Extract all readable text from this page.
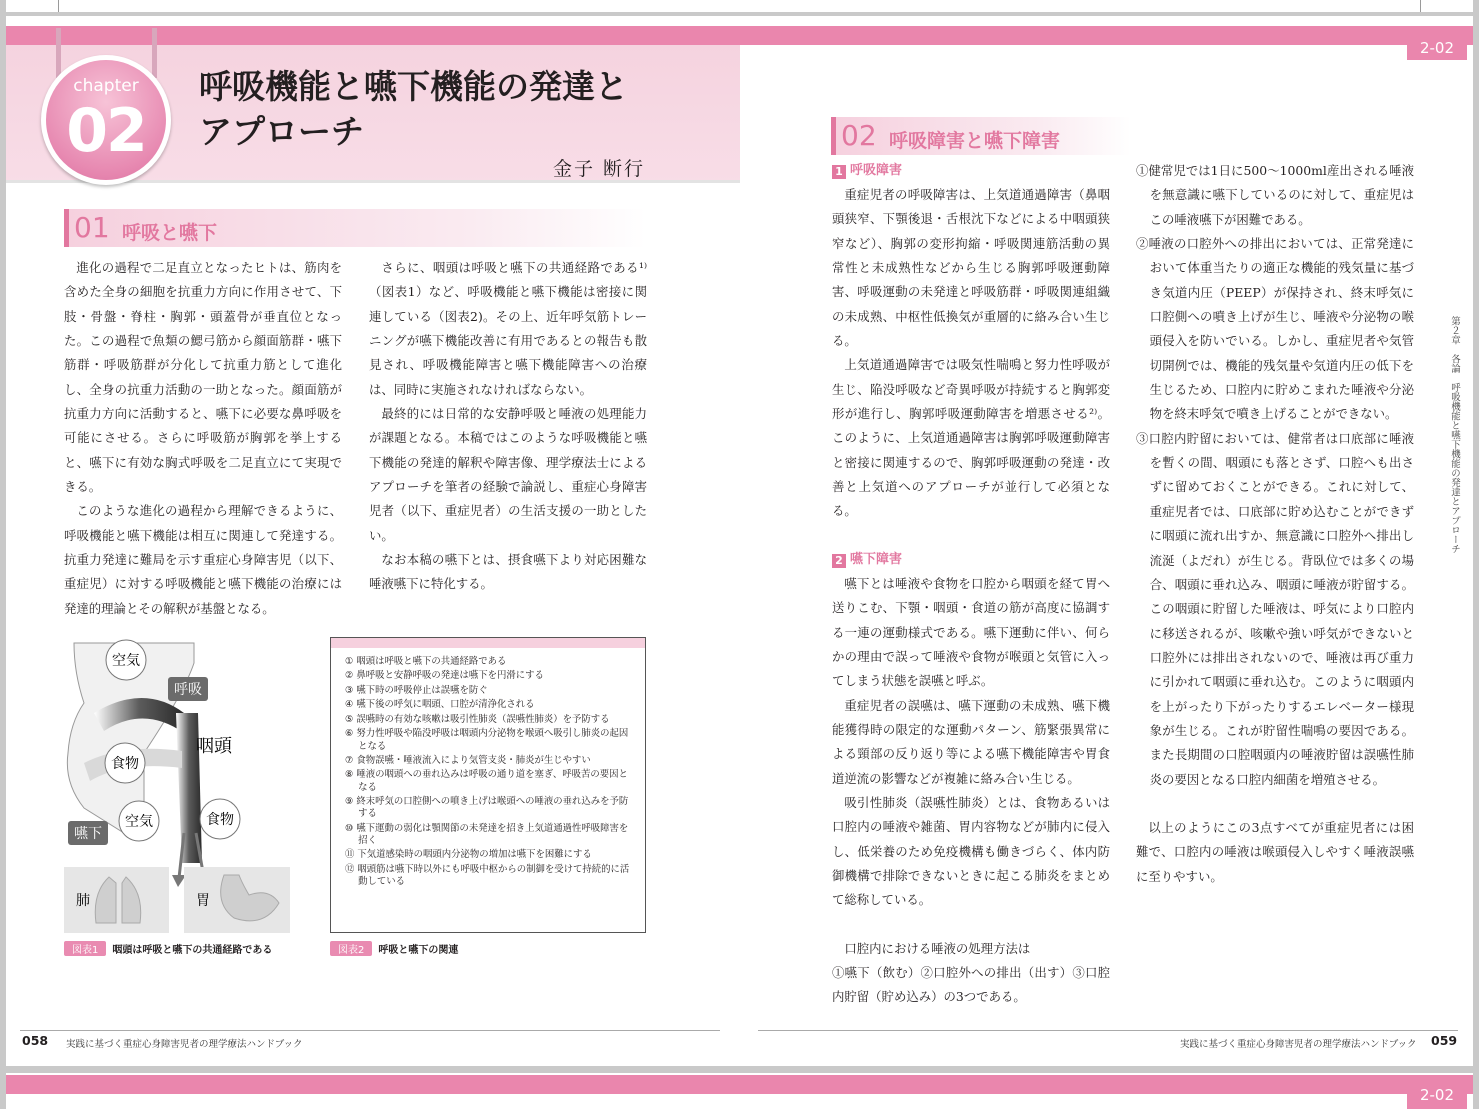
2-02
chapter
02
呼吸機能と嚥下機能の発達と
アプローチ
金子 断行
01 呼吸と嚥下

進化の過程で二足直立となったヒトは、筋肉を含めた全身の細胞を抗重力方向に作用させて、下肢・骨盤・脊柱・胸郭・頭蓋骨が垂直位となった。この過程で魚類の鰓弓筋から顔面筋群・嚥下筋群・呼吸筋群が分化して抗重力筋として進化し、全身の抗重力活動の一助となった。顔面筋が抗重力方向に活動すると、嚥下に必要な鼻呼吸を可能にさせる。さらに呼吸筋が胸郭を挙上すると、嚥下に有効な胸式呼吸を二足直立にて実現できる。

このような進化の過程から理解できるように、呼吸機能と嚥下機能は相互に関連して発達する。抗重力発達に難局を示す重症心身障害児（以下、重症児）に対する呼吸機能と嚥下機能の治療には発達的理論とその解釈が基盤となる。

さらに、咽頭は呼吸と嚥下の共通経路である¹⁾（図表1）など、呼吸機能と嚥下機能は密接に関連している（図表2)。その上、近年呼気筋トレーニングが嚥下機能改善に有用であるとの報告も散見され、呼吸機能障害と嚥下機能障害への治療は、同時に実施されなければならない。

最終的には日常的な安静呼吸と唾液の処理能力が課題となる。本稿ではこのような呼吸機能と嚥下機能の発達的解釈や障害像、理学療法士によるアプローチを筆者の経験で論説し、重症心身障害児者（以下、重症児者）の生活支援の一助としたい。

なお本稿の嚥下とは、摂食嚥下より対応困難な唾液嚥下に特化する。

空気
呼吸
咽頭
食物
空気	食物
嚥下
肺	胃
図表1 咽頭は呼吸と嚥下の共通経路である
① 咽頭は呼吸と嚥下の共通経路である
② 鼻呼吸と安静呼吸の発達は嚥下を円滑にする
③ 嚥下時の呼吸停止は誤嚥を防ぐ
④ 嚥下後の呼気に咽頭、口腔が清浄化される
⑤ 誤嚥時の有効な咳嗽は吸引性肺炎（誤嚥性肺炎）を予防する
⑥ 努力性呼吸や陥没呼吸は咽頭内分泌物を喉頭へ吸引し肺炎の起因となる
⑦ 食物誤嚥・唾液流入により気管支炎・肺炎が生じやすい
⑧ 唾液の咽頭への垂れ込みは呼吸の通り道を塞ぎ、呼吸苦の要因となる
⑨ 終末呼気の口腔側への噴き上げは喉頭への唾液の垂れ込みを予防する
⑩ 嚥下運動の弱化は顎関節の未発達を招き上気道通過性呼吸障害を招く
⑪ 下気道感染時の咽頭内分泌物の増加は嚥下を困難にする
⑫ 咽頭筋は嚥下時以外にも呼吸中枢からの制御を受けて持続的に活動している
図表2 呼吸と嚥下の関連
02 呼吸障害と嚥下障害
1 呼吸障害

重症児者の呼吸障害は、上気道通過障害（鼻咽頭狭窄、下顎後退・舌根沈下などによる中咽頭狭窄など）、胸郭の変形拘縮・呼吸関連筋活動の異常性と未成熟性などから生じる胸郭呼吸運動障害、呼吸運動の未発達と呼吸筋群・呼吸関連組織の未成熟、中枢性低換気が重層的に絡み合い生じる。

上気道通過障害では吸気性喘鳴と努力性呼吸が生じ、陥没呼吸など奇異呼吸が持続すると胸郭変形が進行し、胸郭呼吸運動障害を増悪させる²⁾。このように、上気道通過障害は胸郭呼吸運動障害と密接に関連するので、胸郭呼吸運動の発達・改善と上気道へのアプローチが並行して必須となる。

2 嚥下障害

嚥下とは唾液や食物を口腔から咽頭を経て胃へ送りこむ、下顎・咽頭・食道の筋が高度に協調する一連の運動様式である。嚥下運動に伴い、何らかの理由で誤って唾液や食物が喉頭と気管に入ってしまう状態を誤嚥と呼ぶ。

重症児者の誤嚥は、嚥下運動の未成熟、嚥下機能獲得時の限定的な運動パターン、筋緊張異常による頸部の反り返り等による嚥下機能障害や胃食道逆流の影響などが複雑に絡み合い生じる。

吸引性肺炎（誤嚥性肺炎）とは、食物あるいは口腔内の唾液や雑菌、胃内容物などが肺内に侵入し、低栄養のため免疫機構も働きづらく、体内防御機構で排除できないときに起こる肺炎をまとめて総称している。

口腔内における唾液の処理方法は

①嚥下（飲む）②口腔外への排出（出す）③口腔内貯留（貯め込み）の3つである。

①健常児では1日に500～1000ml産出される唾液を無意識に嚥下しているのに対して、重症児はこの唾液嚥下が困難である。

②唾液の口腔外への排出においては、正常発達において体重当たりの適正な機能的残気量に基づき気道内圧（PEEP）が保持され、終末呼気に口腔側への噴き上げが生じ、唾液や分泌物の喉頭侵入を防いでいる。しかし、重症児者や気管切開例では、機能的残気量や気道内圧の低下を生じるため、口腔内に貯めこまれた唾液や分泌物を終末呼気で噴き上げることができない。

③口腔内貯留においては、健常者は口底部に唾液を暫くの間、咽頭にも落とさず、口腔へも出さずに留めておくことができる。これに対して、重症児者では、口底部に貯め込むことができずに咽頭に流れ出すか、無意識に口腔外へ排出し流涎（よだれ）が生じる。背臥位では多くの場合、咽頭に垂れ込み、咽頭に唾液が貯留する。この咽頭に貯留した唾液は、呼気により口腔内に移送されるが、咳嗽や強い呼気ができないと口腔外には排出されないので、唾液は再び重力に引かれて咽頭に垂れ込む。このように咽頭内を上がったり下がったりするエレベーター様現象が生じる。これが貯留性喘鳴の要因である。また長期間の口腔咽頭内の唾液貯留は誤嚥性肺炎の要因となる口腔内細菌を増殖させる。

以上のようにこの3点すべてが重症児者には困難で、口腔内の唾液は喉頭侵入しやすく唾液誤嚥に至りやすい。
第２章　各論　呼吸機能と嚥下機能の発達とアプローチ
058 実践に基づく重症心身障害児者の理学療法ハンドブック	実践に基づく重症心身障害児者の理学療法ハンドブック 059
2-02
